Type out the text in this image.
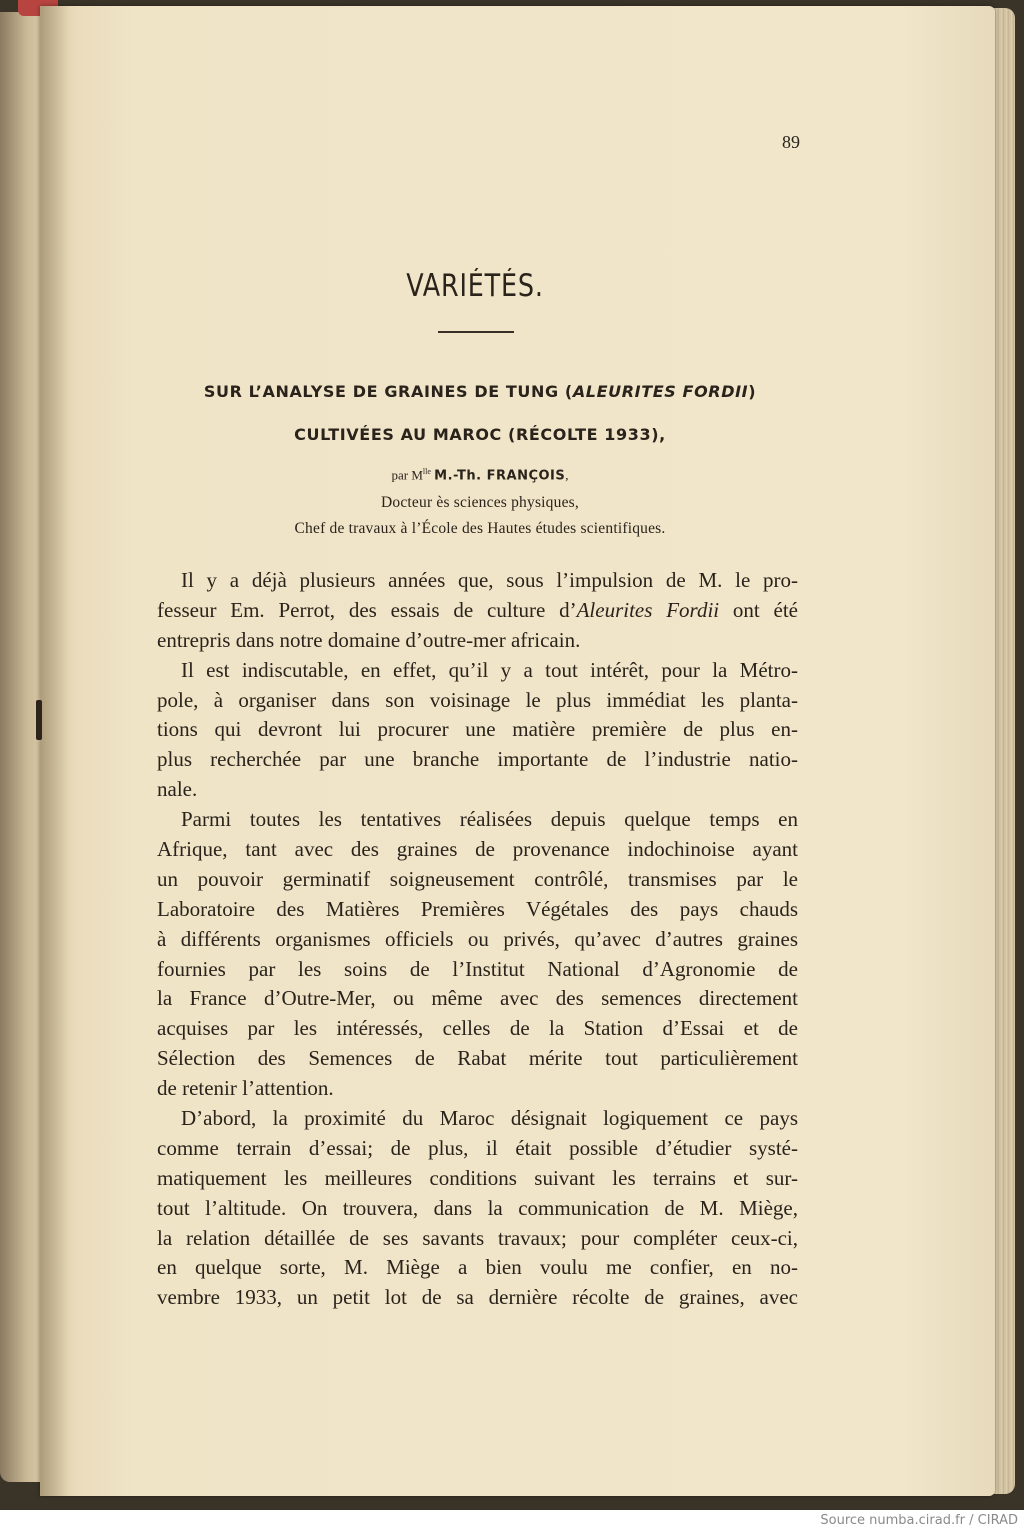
89
VARIÉTÉS.
SUR L’ANALYSE DE GRAINES DE TUNG (ALEURITES FORDII)
CULTIVÉES AU MAROC (RÉCOLTE 1933),
par $M^{lle}$ M.-Th. FRANÇOIS,
Docteur ès sciences physiques,
Chef de travaux à l’École des Hautes études scientifiques.

Il y a déjà plusieurs années que, sous l’impulsion de M. le pro-
fesseur Em. Perrot, des essais de culture d’Aleurites Fordii ont été
entrepris dans notre domaine d’outre-mer africain.

Il est indiscutable, en effet, qu’il y a tout intérêt, pour la Métro-
pole, à organiser dans son voisinage le plus immédiat les planta-
tions qui devront lui procurer une matière première de plus en-
plus recherchée par une branche importante de l’industrie natio-
nale.

Parmi toutes les tentatives réalisées depuis quelque temps en
Afrique, tant avec des graines de provenance indochinoise ayant
un pouvoir germinatif soigneusement contrôlé, transmises par le
Laboratoire des Matières Premières Végétales des pays chauds
à différents organismes officiels ou privés, qu’avec d’autres graines
fournies par les soins de l’Institut National d’Agronomie de
la France d’Outre-Mer, ou même avec des semences directement
acquises par les intéressés, celles de la Station d’Essai et de
Sélection des Semences de Rabat mérite tout particulièrement
de retenir l’attention.

D’abord, la proximité du Maroc désignait logiquement ce pays
comme terrain d’essai; de plus, il était possible d’étudier systé-
matiquement les meilleures conditions suivant les terrains et sur-
tout l’altitude. On trouvera, dans la communication de M. Miège,
la relation détaillée de ses savants travaux; pour compléter ceux-ci,
en quelque sorte, M. Miège a bien voulu me confier, en no-
vembre 1933, un petit lot de sa dernière récolte de graines, avec

Source numba.cirad.fr / CIRAD
